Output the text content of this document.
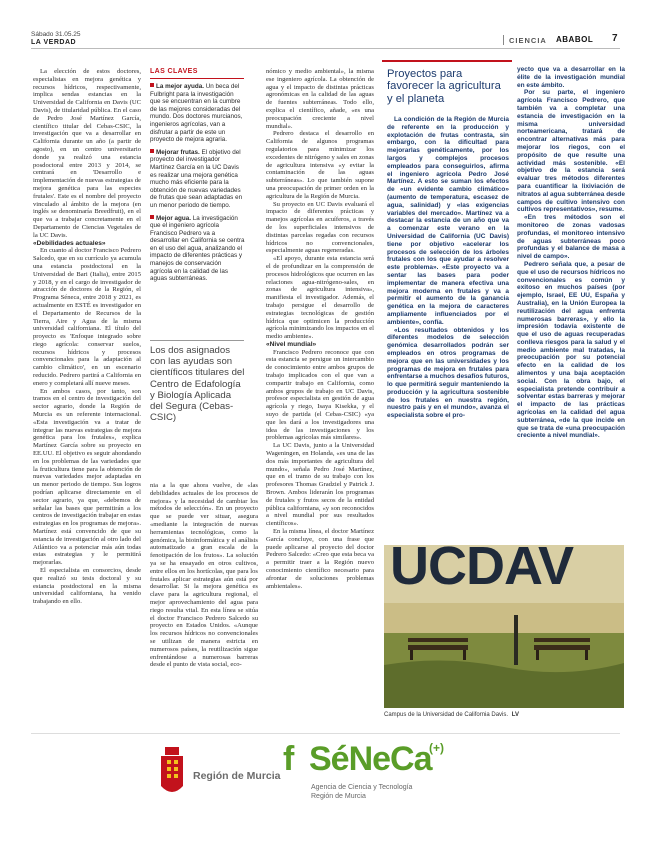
Sábado 31.05.25
LA VERDAD	CIENCIA ABABOL 7

La elección de estos doctores, especialistas en mejora genética y recursos hídricos, respectivamente, implica sendas estancias en la Universidad de California en Davis (UC Davis), de titularidad pública. En el caso de Pedro José Martínez García, científico titular del Cebas-CSIC, la investigación que va a desarrollar en California durante un año (a partir de agosto), en un centro universitario donde ya realizó una estancia posdoctoral entre 2013 y 2014, se centrará en 'Desarrollo e implementación de nuevas estrategias de mejora genética para las especies frutales'. Este es el nombre del proyecto vinculado al ámbito de la mejora (en inglés se denominaría Breedfruit), en el que va a trabajar concretamente en el Departamento de Ciencias Vegetales de la UC Davis.

«Debilidades actuales»

En cuanto al doctor Francisco Pedrero Salcedo, que en su currículo ya acumula una estancia postdoctoral en la Universidad de Bari (Italia), entre 2015 y 2018, y en el cargo de investigador de atracción de doctores de la Región, el Programa Séneca, entre 2018 y 2021, es actualmente en ESTÉ es investigador en el Departamento de Recursos de la Tierra, Aire y Agua de la misma universidad californiana. El título del proyecto es 'Enfoque integrado sobre riego agrícola: conservar suelos, recursos hídricos y procesos convencionales para la adaptación al cambio climático', en un escenario reducido. Pedrero partirá a California en enero y completará allí nueve meses.

En ambos casos, por tanto, son tramos en el centro de investigación del sector agrario, donde la Región de Murcia es un referente internacional. «Esta investigación va a tratar de integrar las nuevas estrategias de mejora genética para los frutales», explica Martínez García sobre su proyecto en EE.UU. El objetivo es seguir ahondando en los problemas de las variedades que la fruticultura tiene para la obtención de nuevas variedades mejor adaptadas en un menor periodo de tiempo. Sus logros podrían aplicarse directamente en el sector agrario, ya que, «debemos de señalar las bases que permitirán a los centros de investigación trabajar en estas estrategias en los programas de mejora». Martínez está convencido de que su estancia de investigación al otro lado del Atlántico va a potenciar más aún todas estas estrategias y le permitirá mejorarlas.

El especialista en consorcios, desde que realizó su tesis doctoral y su estancia postdoctoral en la misma universidad californiana, ha venido trabajando en ello.

LAS CLAVES

La mejor ayuda. Un beca del Fulbright para la investigación que se encuentran en la cumbre de las mejores consideradas del mundo. Dos doctores murcianos, ingenieros agrícolas, van a disfrutar a partir de este un proyecto de mejora agraria.

Mejorar frutas. El objetivo del proyecto del investigador Martínez García en la UC Davis es realizar una mejora genética mucho más eficiente para la obtención de nuevas variedades de frutas que sean adaptadas en un menor periodo de tiempo.

Mejor agua. La investigación que el ingeniero agrícola Francisco Pedrero va a desarrollar en California se centra en el uso del agua, analizando el impacto de diferentes prácticas y manejos de conservación agrícola en la calidad de las aguas subterráneas.

Los dos asignados con las ayudas son científicos titulares del Centro de Edafología y Biología Aplicada del Segura (Cebas-CSIC)

nia a la que ahora vuelve, de «las debilidades actuales de los procesos de mejora» y la necesidad de cambiar los métodos de selección». En un proyecto que se puede ver situar, asegura «mediante la integración de nuevas herramientas tecnológicas, como la genómica, la bioinformática y el análisis automatizado a gran escala de la fenotipación de los frutos». La solución ya se ha ensayado en otros cultivos, entre ellos en los hortícolas, que para los frutales aplicar estrategias aún está por desarrollar. Si la mejora genética es clave para la agricultura regional, el mejor aprovechamiento del agua para riego resulta vital. En esta línea se sitúa el doctor Francisco Pedrero Salcedo su proyecto en Estados Unidos. «Aunque los recursos hídricos no convencionales se utilizan de manera estricta en numerosos países, la reutilización sigue enfrentándose a numerosas barreras desde el punto de vista social, eco-

nómico y medio ambiental», la misma ese ingeniero agrícola. La obtención de agua y el impacto de distintas prácticas agronómicas en la calidad de las aguas de fuentes subterráneas. Todo ello, explica el científico, añade, «es una preocupación creciente a nivel mundial».

Pedrero destaca el desarrollo en California de algunos programas regulatorios para minimizar los excedentes de nitrógeno y sales en zonas de agricultura intensiva «y evitar la contaminación de las aguas subterráneas». Lo que también supone una preocupación de primer orden en la agricultura de la Región de Murcia.

Su proyecto en UC Davis evaluará el impacto de diferentes prácticas y manejos agrícolas en acuíferos, a través de los superficiales intensivos de distintas parcelas regadas con recursos hídricos no convencionales, especialmente aguas regeneradas.

«El apoyo, durante esta estancia será el de profundizar en la comprensión de procesos hidrológicos que ocurren en las relaciones agua-nitrógeno-sales, en zonas de agricultura intensiva», manifiesta el investigador. Además, el trabajo persigue el desarrollo de estrategias tecnológicas de gestión hídrica que optimicen la producción agrícola minimizando los impactos en el medio ambiente».

«Nivel mundial»

Francisco Pedrero reconoce que con esta estancia se persigue un intercambio de conocimiento entre ambos grupos de trabajo implicados con el que van a compartir trabajo en California, como ambos grupos de trabajo en UC Davis, profesor especialista en gestión de agua agrícola y riego, Isaya Kisekka, y el suyo de partida (el Cebas-CSIC) «ya que les dará a los investigadores una idea de las investigaciones y los problemas agrícolas más similares».

La UC Davis, junto a la Universidad Wageningen, en Holanda, «es una de las dos más importantes de agricultura del mundo», señala Pedro José Martínez, que en el tramo de su trabajo con los profesores Thomas Gradziel y Patrick J. Brown. Ambos liderarán los programas de frutales y frutos secos de la entidad pública californiana, «y son reconocidos a nivel mundial por sus resultados científicos».

En la misma línea, el doctor Martínez García concluye, con una frase que puede aplicarse al proyecto del doctor Pedrero Salcedo: «Creo que esta beca va a permitir traer a la Región nuevo conocimiento científico necesario para afrontar de soluciones problemas ambientales».

Proyectos para favorecer la agricultura y el planeta

La condición de la Región de Murcia de referente en la producción y explotación de frutas contrasta, sin embargo, con la dificultad para mejorarlas genéticamente, por los largos y complejos procesos empleados para conseguirlos, afirma el ingeniero agrícola Pedro José Martínez. A esto se suman los efectos de «un evidente cambio climático» (aumento de temperatura, escasez de agua, salinidad) y «las exigencias variables del mercado». Martínez va a destacar la estancia de un año que va a comenzar este verano en la Universidad de California (UC Davis) tiene por objetivo «acelerar los procesos de selección de los árboles frutales con los que ayudar a resolver este problema». «Este proyecto va a sentar las bases para poder implementar de manera efectiva una mejora moderna en frutales y va a permitir el aumento de la ganancia genética en la mejora de caracteres ampliamente influenciados por el ambiente», confía.

«Los resultados obtenidos y los diferentes modelos de selección genómica desarrollados podrán ser empleados en otros programas de mejora que en las universidades y los programas de mejora en frutales para enfrentarse a muchos desafíos futuros, lo que permitirá seguir manteniendo la producción y la agricultura sostenible de los frutales en nuestra región, nuestro país y en el mundo», avanza el especialista sobre el pro-

yecto que va a desarrollar en la élite de la investigación mundial en este ámbito.

Por su parte, el ingeniero agrícola Francisco Pedrero, que también va a completar una estancia de investigación en la misma universidad norteamericana, tratará de encontrar alternativas más para mejorar los riegos, con el propósito de que resulte una actividad más sostenible. «El objetivo de la estancia será evaluar tres métodos diferentes para cuantificar la lixiviación de nitratos al agua subterránea desde campos de cultivo intensivo con cultivos representativos», resume.

«En tres métodos son el monitoreo de zonas vadosas profundas, el monitoreo intensivo de aguas subterráneas poco profundas y el balance de masa a nivel de campo».

Pedrero señala que, a pesar de que el uso de recursos hídricos no convencionales es común y exitoso en muchos países (por ejemplo, Israel, EE UU, España y Australia), en la Unión Europea la reutilización del agua enfrenta numerosas barreras», y ello la impresión todavía existente de que el uso de aguas recuperadas conlleva riesgos para la salud y el medio ambiente mal tratadas, la preocupación por su potencial efecto en la calidad de los alimentos y una baja aceptación social. Con la obra bajo, el especialista pretende contribuir a solventar estas barreras y mejorar el impacto de las prácticas agrícolas en la calidad del agua subterránea, «de la que incide en que se trata de «una preocupación creciente a nivel mundial».

UCDAV
Campus de la Universidad de California Davis. LV
Región de Murcia f SéNeCa
(+)
Agencia de Ciencia y Tecnología
Región de Murcia
